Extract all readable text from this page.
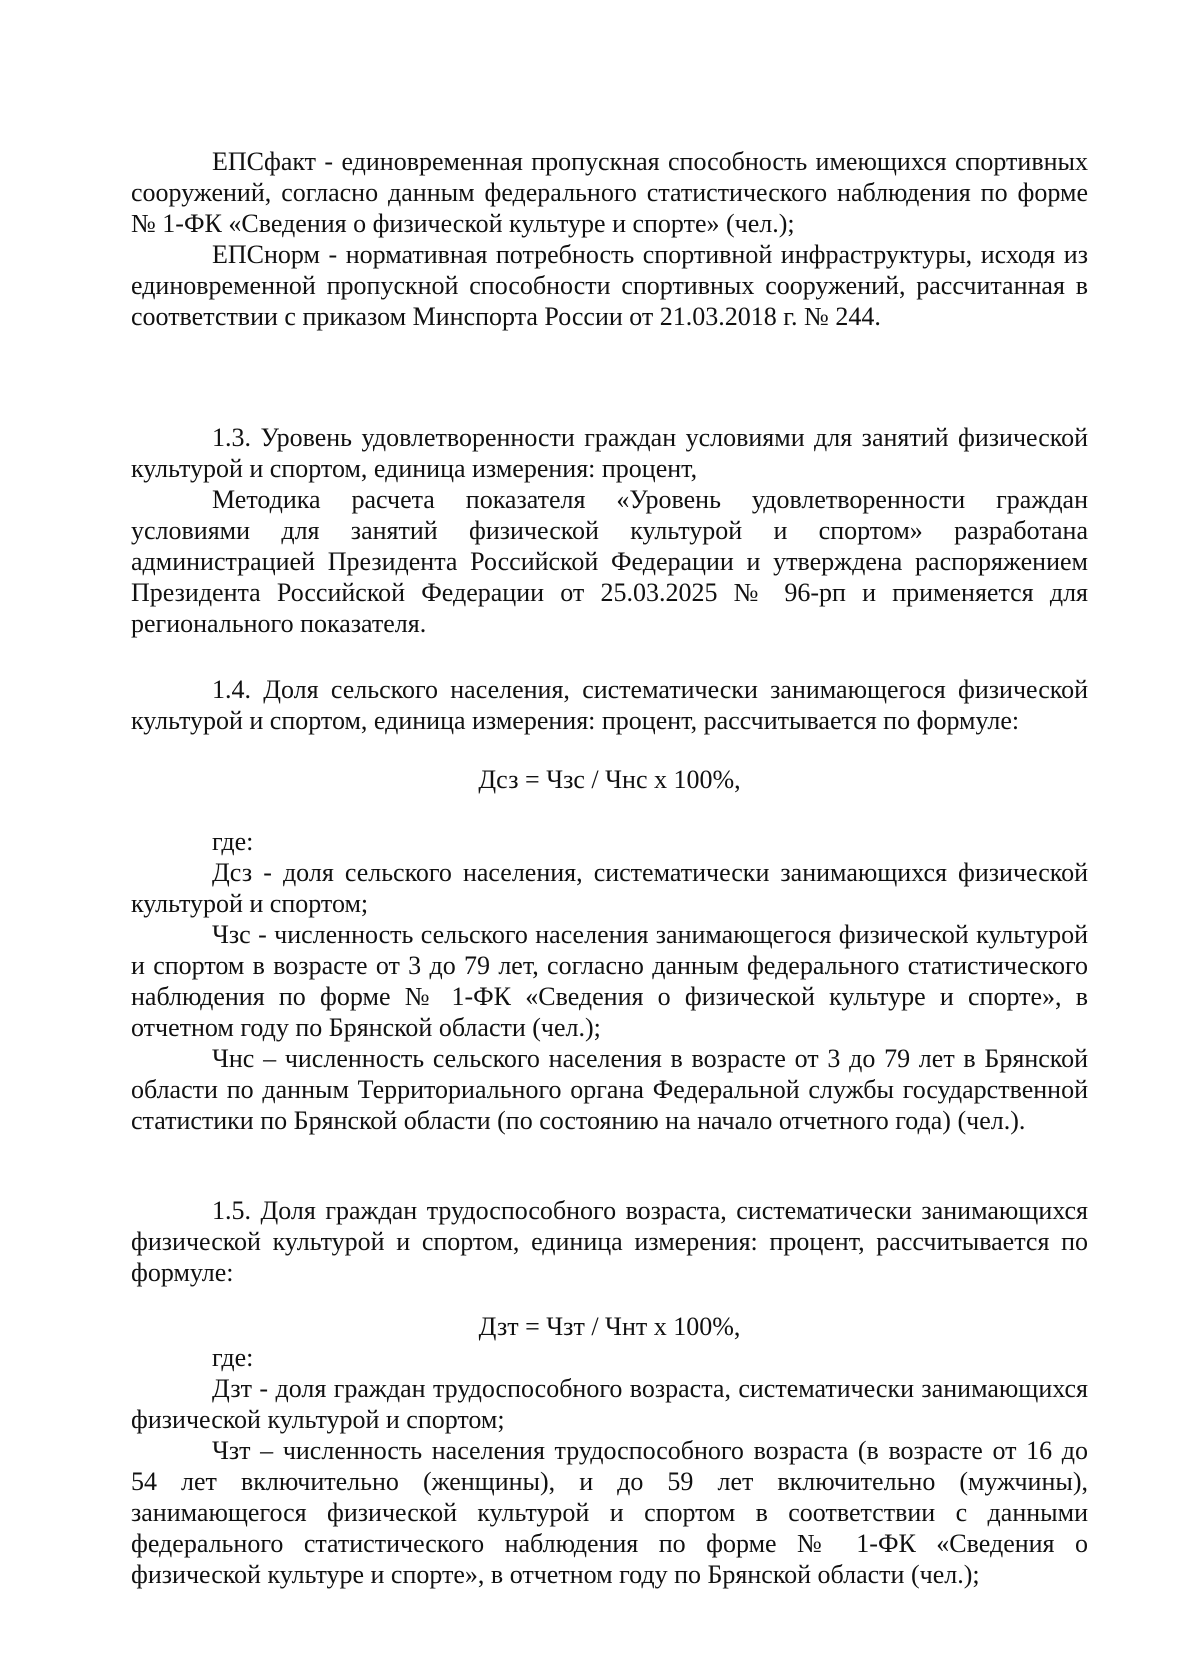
ЕПСфакт - единовременная пропускная способность имеющихся спортивных сооружений, согласно данным федерального статистического наблюдения по форме № 1-ФК «Сведения о физической культуре и спорте» (чел.);

ЕПСнорм - нормативная потребность спортивной инфраструктуры, исходя из единовременной пропускной способности спортивных сооружений, рассчитанная в соответствии с приказом Минспорта России от 21.03.2018 г. № 244.

1.3. Уровень удовлетворенности граждан условиями для занятий физической культурой и спортом, единица измерения: процент,

Методика расчета показателя «Уровень удовлетворенности граждан условиями для занятий физической культурой и спортом» разработана администрацией Президента Российской Федерации и утверждена распоряжением Президента Российской Федерации от 25.03.2025 № 96-рп и применяется для регионального показателя.

1.4. Доля сельского населения, систематически занимающегося физической культурой и спортом, единица измерения: процент, рассчитывается по формуле:

Дсз = Чзс / Чнс х 100%,

где:

Дсз - доля сельского населения, систематически занимающихся физической культурой и спортом;

Чзс - численность сельского населения занимающегося физической культурой и спортом в возрасте от 3 до 79 лет, согласно данным федерального статистического наблюдения по форме № 1-ФК «Сведения о физической культуре и спорте», в отчетном году по Брянской области (чел.);

Чнс – численность сельского населения в возрасте от 3 до 79 лет в Брянской области по данным Территориального органа Федеральной службы государственной статистики по Брянской области (по состоянию на начало отчетного года) (чел.).

1.5. Доля граждан трудоспособного возраста, систематически занимающихся физической культурой и спортом, единица измерения: процент, рассчитывается по формуле:

Дзт = Чзт / Чнт х 100%,

где:

Дзт - доля граждан трудоспособного возраста, систематически занимающихся физической культурой и спортом;

Чзт – численность населения трудоспособного возраста (в возрасте от 16 до 54 лет включительно (женщины), и до 59 лет включительно (мужчины), занимающегося физической культурой и спортом в соответствии с данными федерального статистического наблюдения по форме № 1-ФК «Сведения о физической культуре и спорте», в отчетном году по Брянской области (чел.);
